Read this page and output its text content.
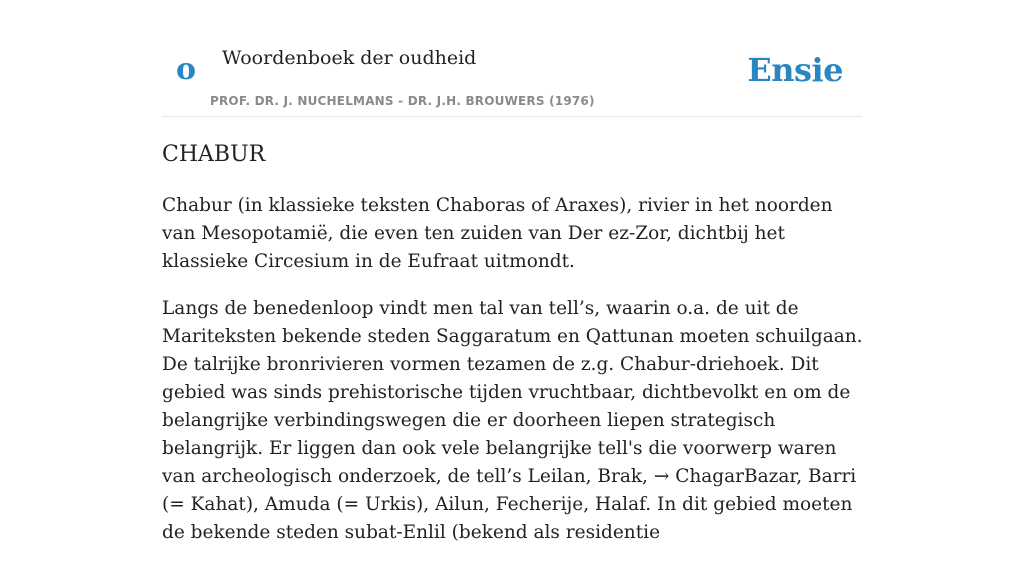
o Woordenboek der oudheid
PROF. DR. J. NUCHELMANS - DR. J.H. BROUWERS (1976)
Ensie
CHABUR

Chabur (in klassieke teksten Chaboras of Araxes), rivier in het noorden van Mesopotamië, die even ten zuiden van Der ez-Zor, dichtbij het klassieke Circesium in de Eufraat uitmondt.

Langs de benedenloop vindt men tal van tell’s, waarin o.a. de uit de Mariteksten bekende steden Saggaratum en Qattunan moeten schuilgaan. De talrijke bronrivieren vormen tezamen de z.g. Chabur-driehoek. Dit gebied was sinds prehistorische tijden vruchtbaar, dichtbevolkt en om de belangrijke verbindingswegen die er doorheen liepen strategisch belangrijk. Er liggen dan ook vele belangrijke tell's die voorwerp waren van archeologisch onderzoek, de tell’s Leilan, Brak, → ChagarBazar, Barri (= Kahat), Amuda (= Urkis), Ailun, Fecherije, Halaf. In dit gebied moeten de bekende steden subat-Enlil (bekend als residentie
